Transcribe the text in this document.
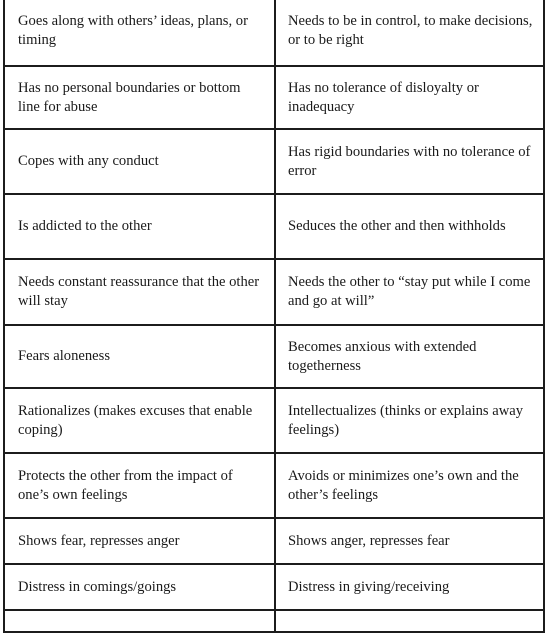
Goes along with others’ ideas, plans, or timing	Needs to be in control, to make decisions, or to be right
Has no personal boundaries or bottom line for abuse	Has no tolerance of disloyalty or inadequacy
Copes with any conduct	Has rigid boundaries with no tolerance of error
Is addicted to the other	Seduces the other and then withholds
Needs constant reassurance that the other will stay	Needs the other to “stay put while I come and go at will”
Fears aloneness	Becomes anxious with extended togetherness
Rationalizes (makes excuses that enable coping)	Intellectualizes (thinks or explains away feelings)
Protects the other from the impact of one’s own feelings	Avoids or minimizes one’s own and the other’s feelings
Shows fear, represses anger	Shows anger, represses fear
Distress in comings/goings	Distress in giving/receiving
